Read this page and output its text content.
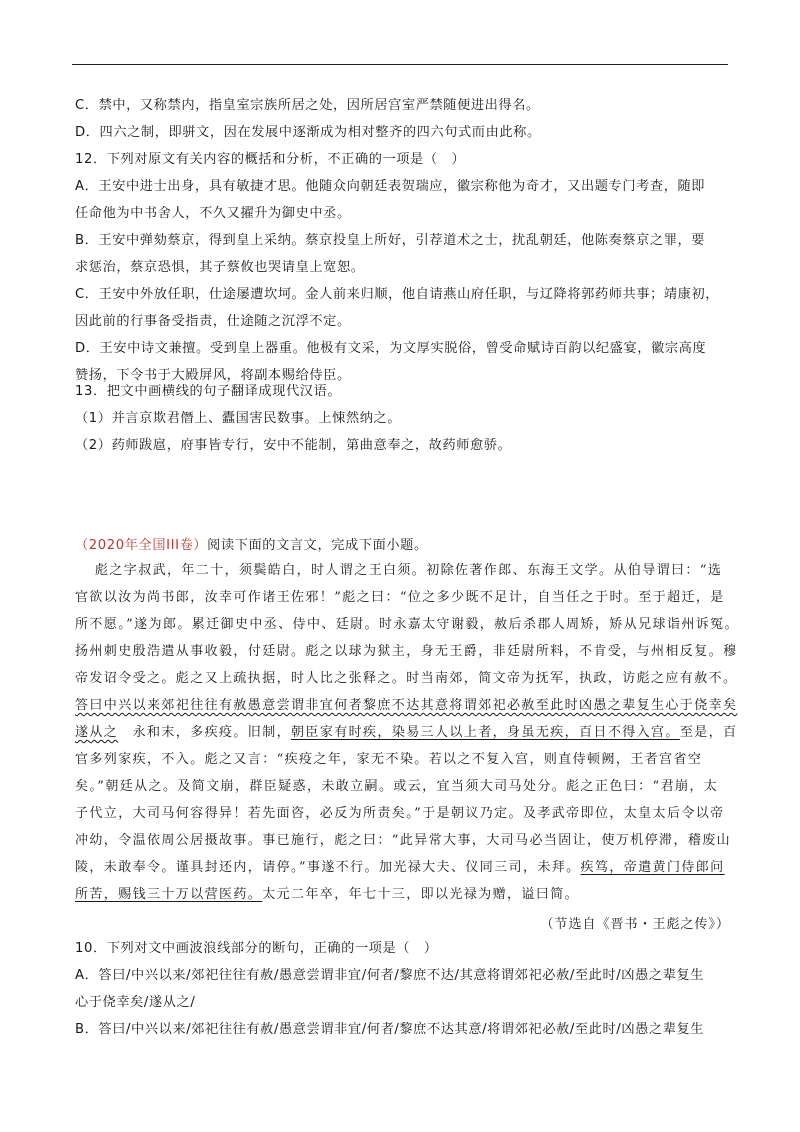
C．禁中，又称禁内，指皇室宗族所居之处，因所居宫室严禁随便进出得名。
D．四六之制，即骈文，因在发展中逐渐成为相对整齐的四六句式而由此称。
12．下列对原文有关内容的概括和分析，不正确的一项是（　）
A．王安中进士出身，具有敏捷才思。他随众向朝廷表贺瑞应，徽宗称他为奇才，又出题专门考查，随即
任命他为中书舍人，不久又擢升为御史中丞。
B．王安中弹劾蔡京，得到皇上采纳。蔡京投皇上所好，引荐道术之士，扰乱朝廷，他陈奏蔡京之罪，要
求惩治，蔡京恐惧，其子蔡攸也哭请皇上宽恕。
C．王安中外放任职，仕途屡遭坎坷。金人前来归顺，他自请燕山府任职，与辽降将郭药师共事；靖康初，
因此前的行事备受指责，仕途随之沉浮不定。
D．王安中诗文兼擅。受到皇上器重。他极有文采，为文厚实脱俗，曾受命赋诗百韵以纪盛宴，徽宗高度
赞扬，下令书于大殿屏风，将副本赐给侍臣。
13．把文中画横线的句子翻译成现代汉语。
（1）并言京欺君僭上、蠹国害民数事。上悚然纳之。
（2）药师跋扈，府事皆专行，安中不能制，第曲意奉之，故药师愈骄。
（2020年全国III卷）阅读下面的文言文，完成下面小题。
彪之字叔武，年二十，须鬓皓白，时人谓之王白须。初除佐著作郎、东海王文学。从伯导谓曰：“选
官欲以汝为尚书郎，汝幸可作诸王佐邪！”彪之曰：“位之多少既不足计，自当任之于时。至于超迁，是
所不愿。”遂为郎。累迁御史中丞、侍中、廷尉。时永嘉太守谢毅，赦后杀郡人周矫，矫从兄球诣州诉冤。
扬州刺史殷浩遣从事收毅，付廷尉。彪之以球为狱主，身无王爵，非廷尉所料，不肯受，与州相反复。穆
帝发诏令受之。彪之又上疏执据，时人比之张释之。时当南郊，简文帝为抚军，执政，访彪之应有赦不。
答曰中兴以来郊祀往往有赦愚意尝谓非宜何者黎庶不达其意将谓郊祀必赦至此时凶愚之辈复生心于侥幸矣
遂从之　 永和末，多疾疫。旧制，朝臣家有时疾，染易三人以上者，身虽无疾，百日不得入宫。至是，百
官多列家疾，不入。彪之又言：“疾疫之年，家无不染。若以之不复入宫，则直侍顿阙，王者宫省空
矣。”朝廷从之。及简文崩，群臣疑惑，未敢立嗣。或云，宜当须大司马处分。彪之正色曰：“君崩，太
子代立，大司马何容得异！若先面咨，必反为所责矣。”于是朝议乃定。及孝武帝即位，太皇太后令以帝
冲幼，令温依周公居摄故事。事已施行，彪之曰：“此异常大事，大司马必当固让，使万机停滞，稽废山
陵，未敢奉令。谨具封还内，请停。”事遂不行。加光禄大夫、仪同三司，未拜。疾笃，帝遣黄门侍郎问
所苦，赐钱三十万以营医药。太元二年卒，年七十三，即以光禄为赠，谥曰简。
（节选自《晋书・王彪之传》）
10．下列对文中画波浪线部分的断句，正确的一项是（　）
A．答曰/中兴以来/郊祀往往有赦/愚意尝谓非宜/何者/黎庶不达/其意将谓郊祀必赦/至此时/凶愚之辈复生
心于侥幸矣/遂从之/
B．答曰/中兴以来/郊祀往往有赦/愚意尝谓非宜/何者/黎庶不达其意/将谓郊祀必赦/至此时/凶愚之辈复生
